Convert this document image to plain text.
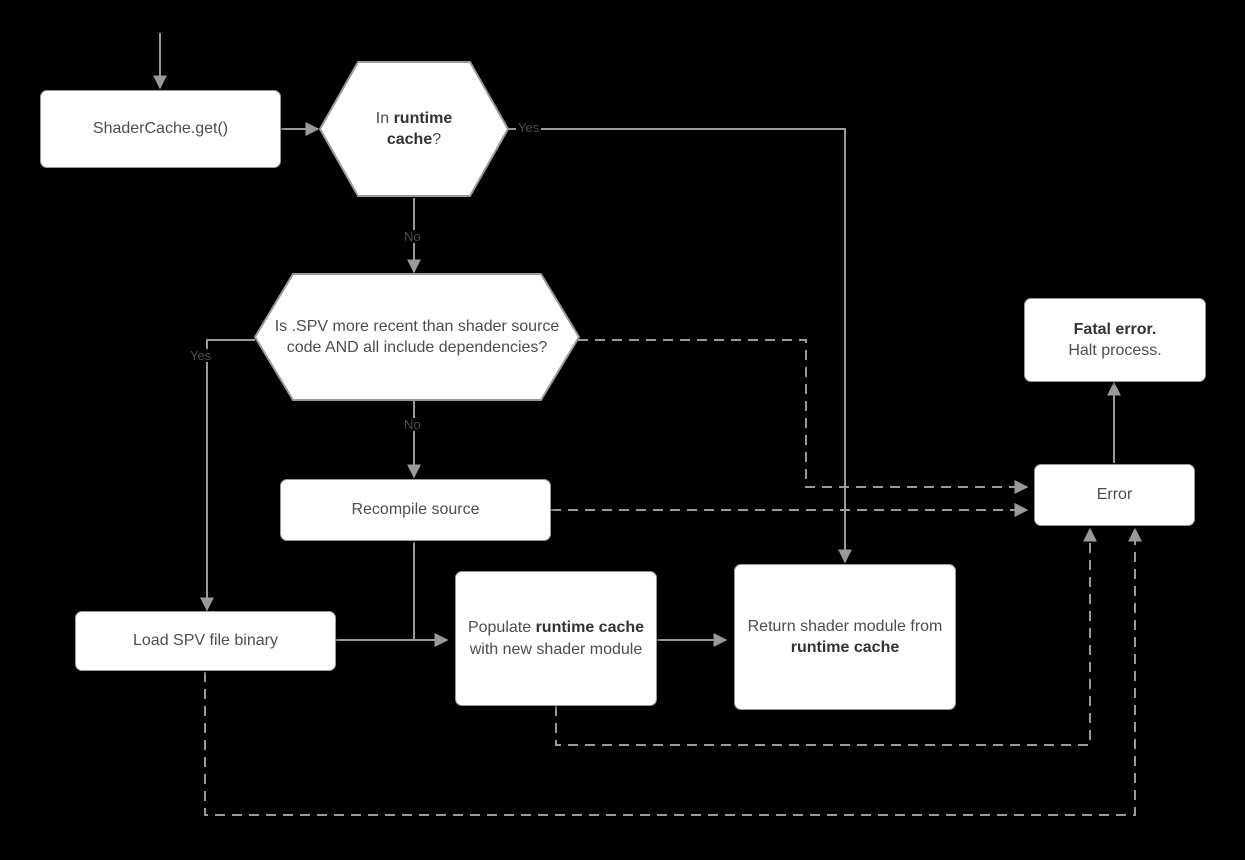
ShaderCache.get()
In runtime
cache?
Is .SPV more recent than shader source code AND all include dependencies?
Recompile source
Load SPV file binary
Populate runtime cache with new shader module
Return shader module from runtime cache
Error
Fatal error.
Halt process.
Yes
No
Yes
No
